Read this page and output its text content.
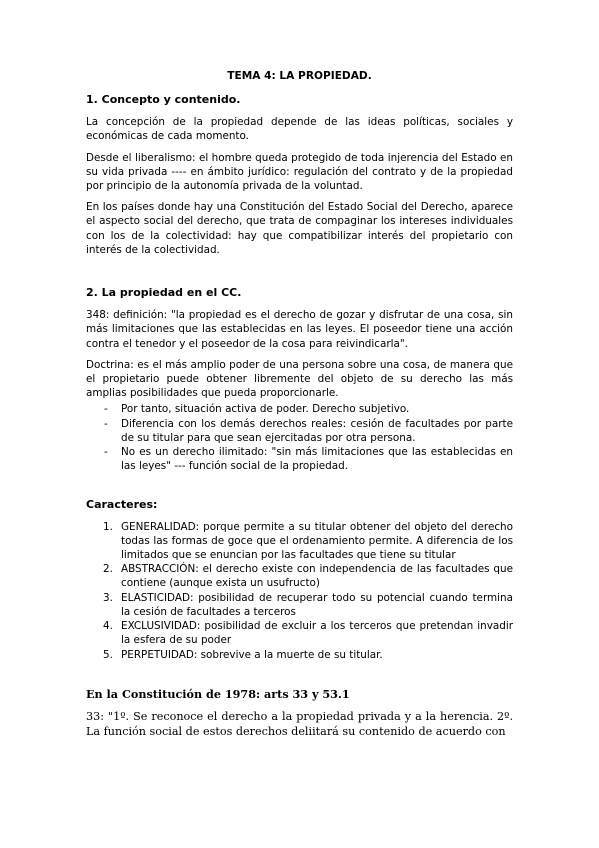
TEMA 4: LA PROPIEDAD.
1. Concepto y contenido.

La concepción de la propiedad depende de las ideas políticas, sociales y económicas de cada momento.

Desde el liberalismo: el hombre queda protegido de toda injerencia del Estado en su vida privada ---- en ámbito jurídico: regulación del contrato y de la propiedad por principio de la autonomía privada de la voluntad.

En los países donde hay una Constitución del Estado Social del Derecho, aparece el aspecto social del derecho, que trata de compaginar los intereses individuales con los de la colectividad: hay que compatibilizar interés del propietario con interés de la colectividad.

2. La propiedad en el CC.

348: definición: "la propiedad es el derecho de gozar y disfrutar de una cosa, sin más limitaciones que las establecidas en las leyes. El poseedor tiene una acción contra el tenedor y el poseedor de la cosa para reivindicarla".

Doctrina: es el más amplio poder de una persona sobre una cosa, de manera que el propietario puede obtener libremente del objeto de su derecho las más amplias posibilidades que pueda proporcionarle.

- Por tanto, situación activa de poder. Derecho subjetivo.
- Diferencia con los demás derechos reales: cesión de facultades por parte de su titular para que sean ejercitadas por otra persona.
- No es un derecho ilimitado: "sin más limitaciones que las establecidas en las leyes" --- función social de la propiedad.
Caracteres:
1. GENERALIDAD: porque permite a su titular obtener del objeto del derecho todas las formas de goce que el ordenamiento permite. A diferencia de los limitados que se enuncian por las facultades que tiene su titular
2. ABSTRACCIÓN: el derecho existe con independencia de las facultades que contiene (aunque exista un usufructo)
3. ELASTICIDAD: posibilidad de recuperar todo su potencial cuando termina la cesión de facultades a terceros
4. EXCLUSIVIDAD: posibilidad de excluir a los terceros que pretendan invadir la esfera de su poder
5. PERPETUIDAD: sobrevive a la muerte de su titular.
En la Constitución de 1978: arts 33 y 53.1

33: "1º. Se reconoce el derecho a la propiedad privada y a la herencia. 2º. La función social de estos derechos deliitará su contenido de acuerdo con
